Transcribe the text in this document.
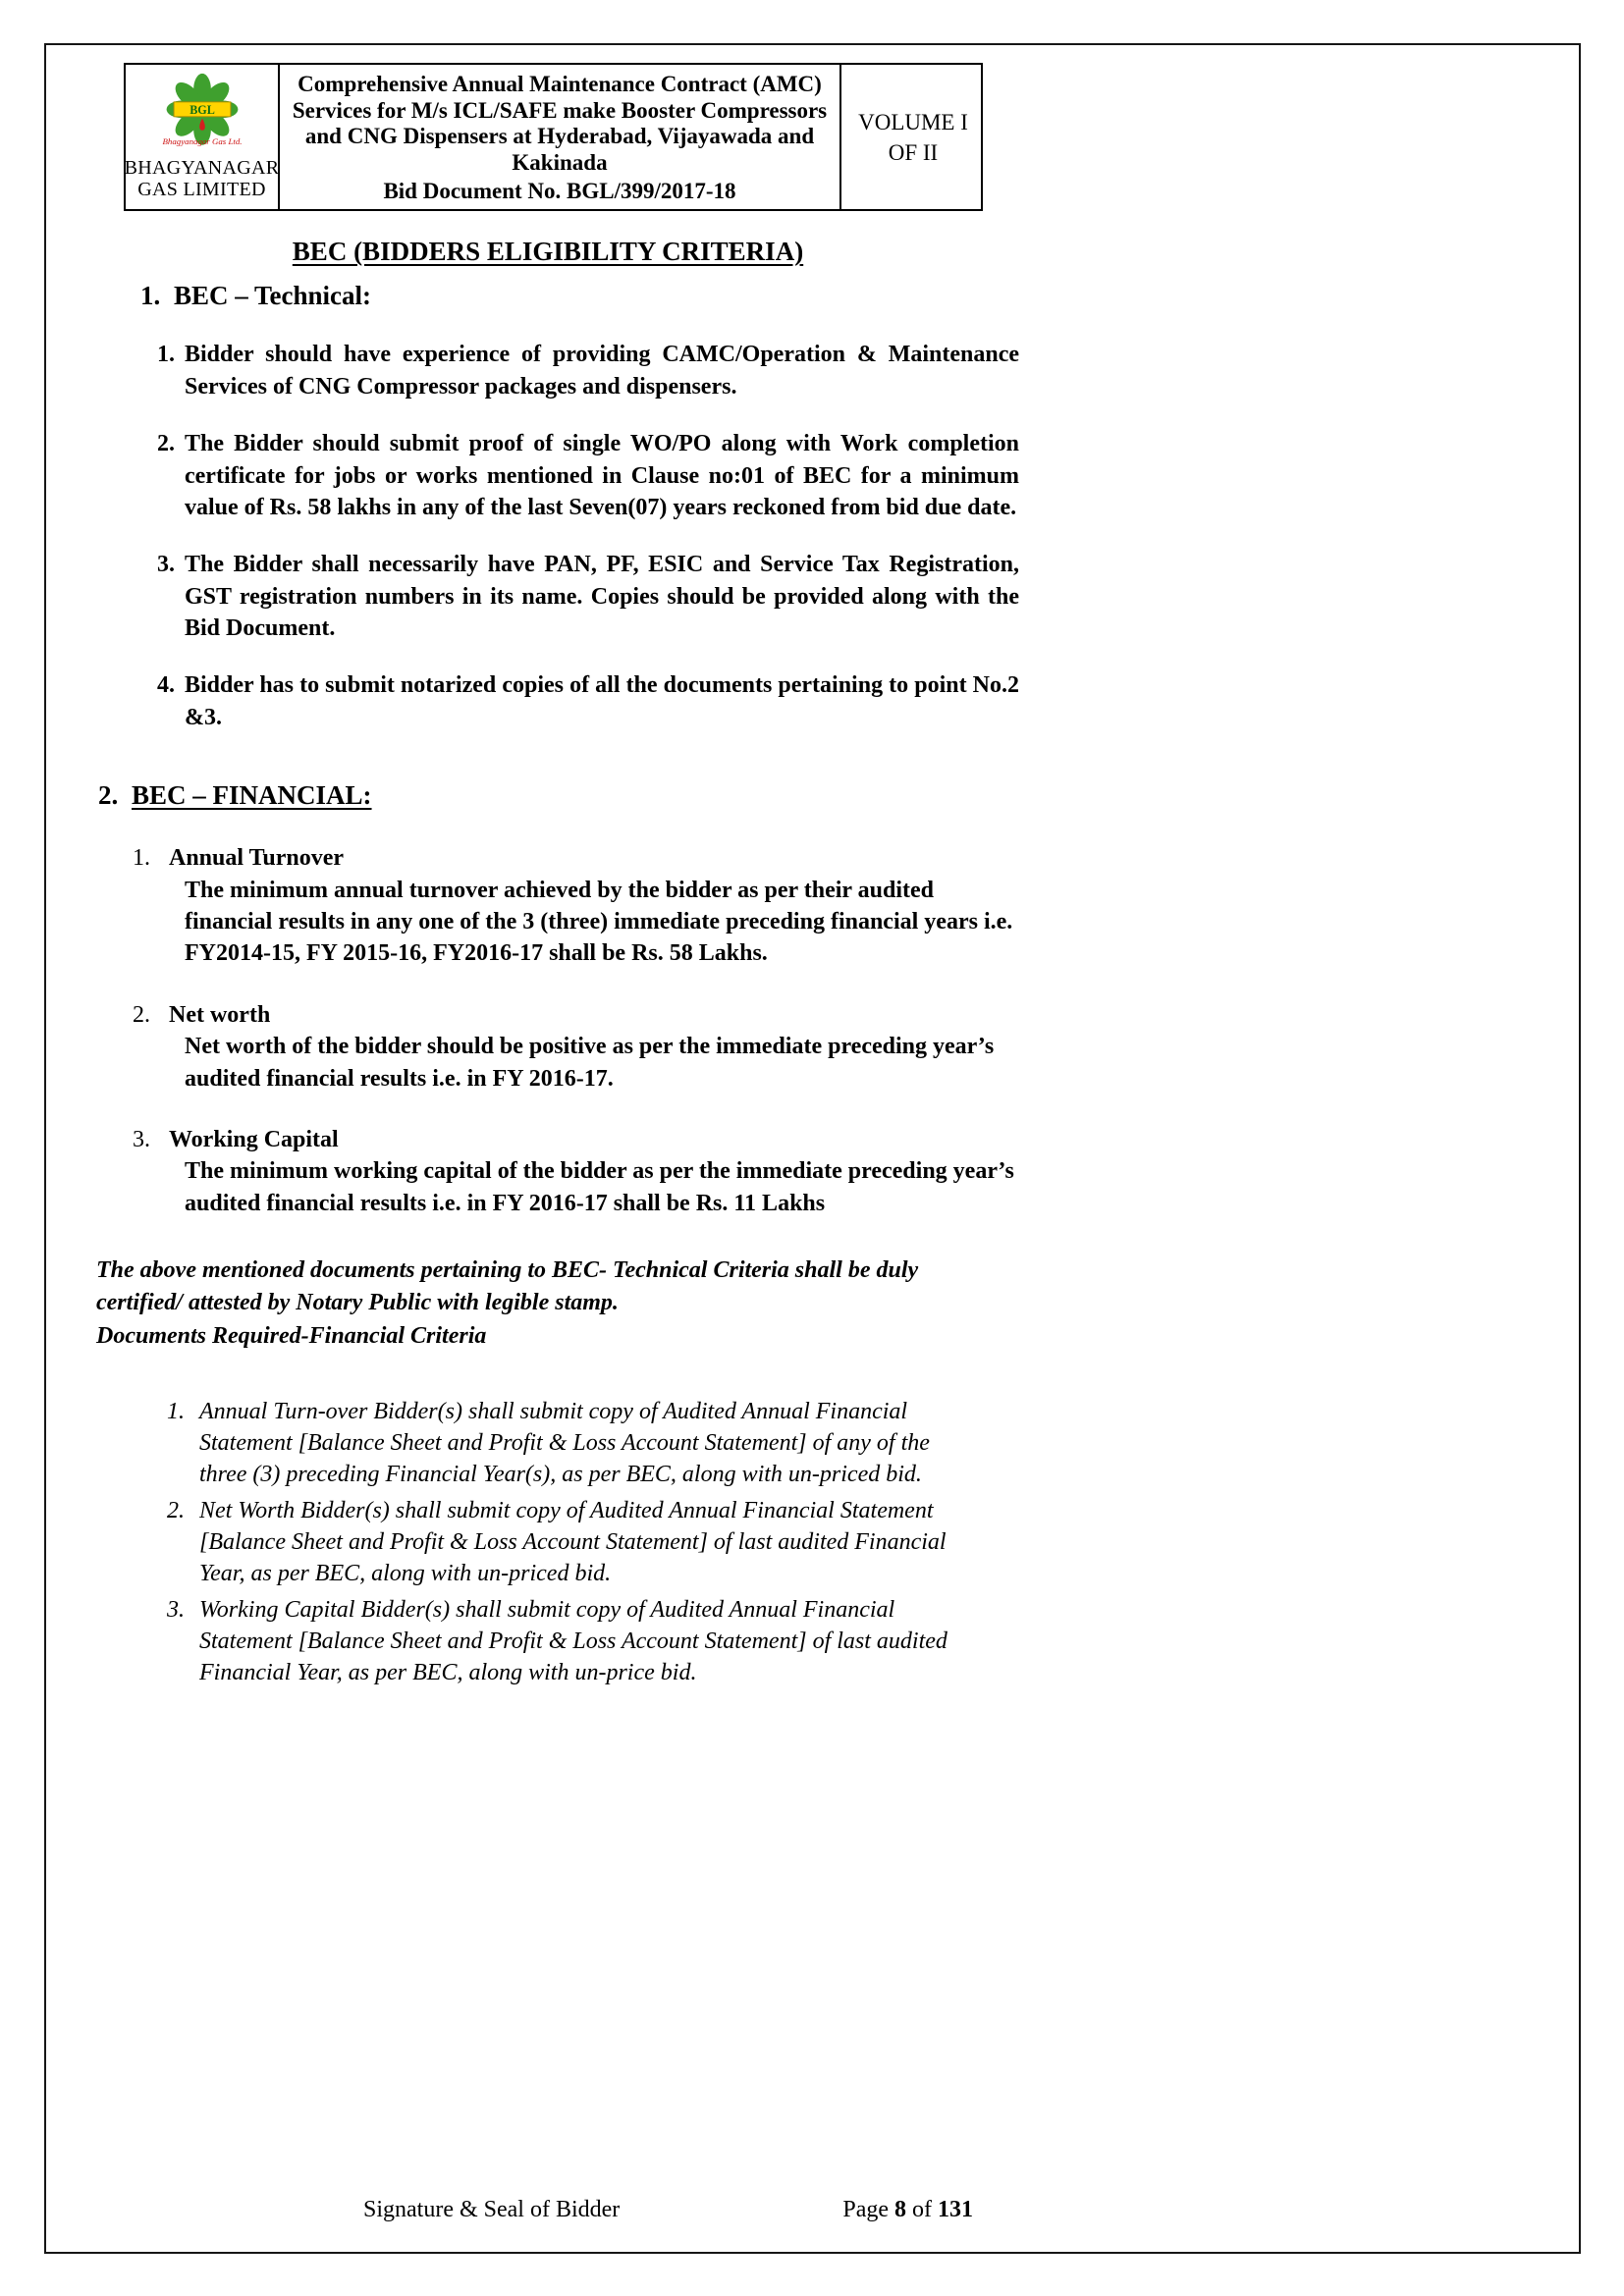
BGL
Bhagyanagar Gas Ltd.
BHAGYANAGAR GAS LIMITED
Comprehensive Annual Maintenance Contract (AMC) Services for M/s ICL/SAFE make Booster Compressors and CNG Dispensers at Hyderabad, Vijayawada and Kakinada
Bid Document No. BGL/399/2017-18
VOLUME I OF II
BEC (BIDDERS ELIGIBILITY CRITERIA)
1. BEC – Technical:
1. Bidder should have experience of providing CAMC/Operation & Maintenance Services of CNG Compressor packages and dispensers.
2. The Bidder should submit proof of single WO/PO along with Work completion certificate for jobs or works mentioned in Clause no:01 of BEC for a minimum value of Rs. 58 lakhs in any of the last Seven(07) years reckoned from bid due date.
3. The Bidder shall necessarily have PAN, PF, ESIC and Service Tax Registration, GST registration numbers in its name. Copies should be provided along with the Bid Document.
4. Bidder has to submit notarized copies of all the documents pertaining to point No.2 &3.
2. BEC – FINANCIAL:
1. Annual Turnover
The minimum annual turnover achieved by the bidder as per their audited financial results in any one of the 3 (three) immediate preceding financial years i.e. FY2014-15, FY 2015-16, FY2016-17 shall be Rs. 58 Lakhs.
2. Net worth
Net worth of the bidder should be positive as per the immediate preceding year’s audited financial results i.e. in FY 2016-17.
3. Working Capital
The minimum working capital of the bidder as per the immediate preceding year’s audited financial results i.e. in FY 2016-17 shall be Rs. 11 Lakhs
The above mentioned documents pertaining to BEC- Technical Criteria shall be duly certified/ attested by Notary Public with legible stamp.
Documents Required-Financial Criteria
1. Annual Turn-over Bidder(s) shall submit copy of Audited Annual Financial Statement [Balance Sheet and Profit & Loss Account Statement] of any of the three (3) preceding Financial Year(s), as per BEC, along with un-priced bid.
2. Net Worth Bidder(s) shall submit copy of Audited Annual Financial Statement [Balance Sheet and Profit & Loss Account Statement] of last audited Financial Year, as per BEC, along with un-priced bid.
3. Working Capital Bidder(s) shall submit copy of Audited Annual Financial Statement [Balance Sheet and Profit & Loss Account Statement] of last audited Financial Year, as per BEC, along with un-price bid.
Signature & Seal of Bidder	Page 8 of 131
